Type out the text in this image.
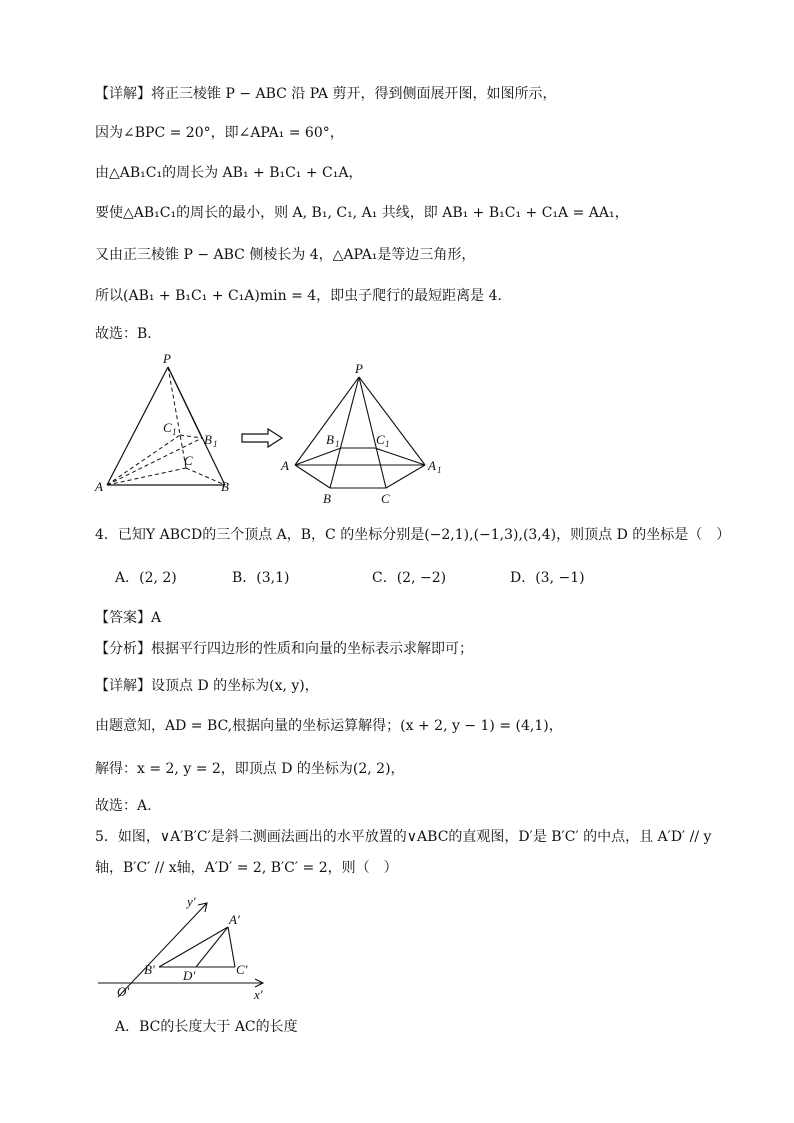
【详解】将正三棱锥 P − ABC 沿 PA 剪开，得到侧面展开图，如图所示，
因为∠BPC = 20°，即∠APA₁ = 60°，
由△AB₁C₁的周长为 AB₁ + B₁C₁ + C₁A，
要使△AB₁C₁的周长的最小，则 A, B₁, C₁, A₁ 共线，即 AB₁ + B₁C₁ + C₁A = AA₁，
又由正三棱锥 P − ABC 侧棱长为 4，△APA₁是等边三角形，
所以(AB₁ + B₁C₁ + C₁A)min = 4，即虫子爬行的最短距离是 4．
故选：B.
P
A	B
C
C 1 B 1
P
A	A 1
B	C
B 1	C 1
4．已知Y ABCD的三个顶点 A，B，C 的坐标分别是(−2,1),(−1,3),(3,4)，则顶点 D 的坐标是（　）
A．(2, 2)	B．(3,1)	C．(2, −2)	D．(3, −1)
【答案】A
【分析】根据平行四边形的性质和向量的坐标表示求解即可；
【详解】设顶点 D 的坐标为(x, y)，
由题意知，AD = BC,根据向量的坐标运算解得；(x + 2, y − 1) = (4,1)，
解得：x = 2, y = 2，即顶点 D 的坐标为(2, 2)，
故选：A.
5．如图，∨A′B′C′是斜二测画法画出的水平放置的∨ABC的直观图，D′是 B′C′ 的中点，且 A′D′ // y
轴，B′C′ // x轴，A′D′ = 2, B′C′ = 2，则（　）
y′
x′
O′
A′
B′	C′
D′
A．BC的长度大于 AC的长度
